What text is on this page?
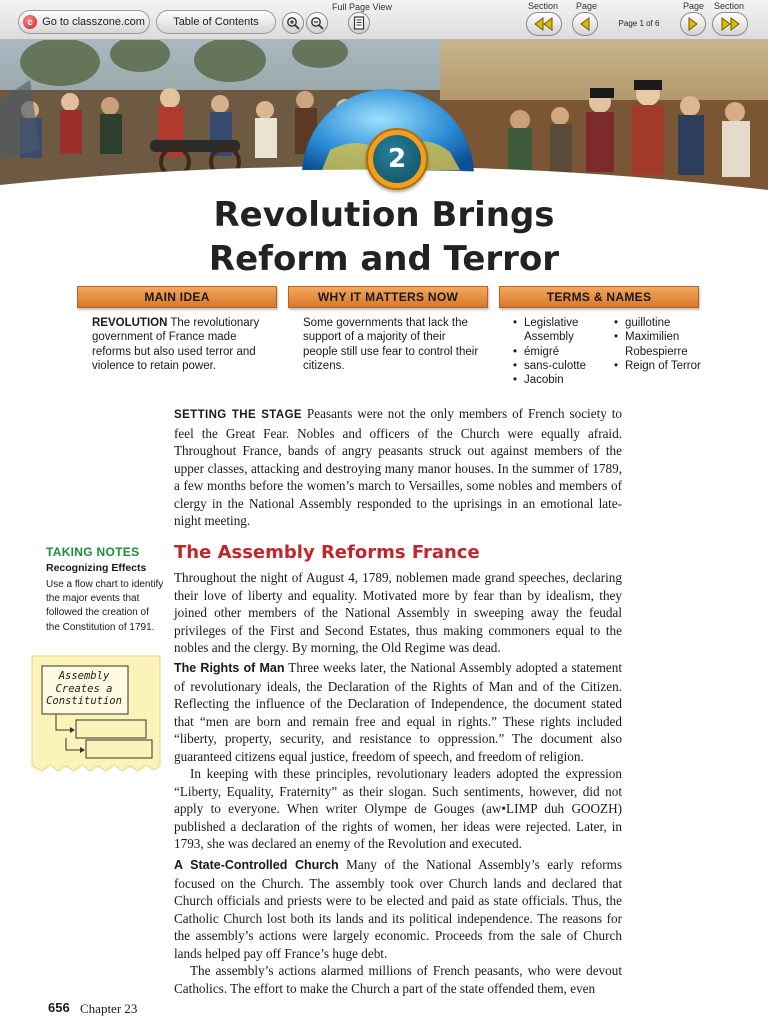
c Go to classzone.com	Table of Contents
Full Page View	Section Page
Page 1 of 6
Page Section
2
Revolution Brings
Reform and Terror
MAIN IDEA	WHY IT MATTERS NOW	TERMS & NAMES
REVOLUTION The revolutionary government of France made reforms but also used terror and violence to retain power.
Some governments that lack the support of a majority of their people still use fear to control their citizens.
• Legislative Assembly
• émigré
• sans-culotte
• Jacobin
• guillotine
• Maximilien Robespierre
• Reign of Terror
SETTING THE STAGE Peasants were not the only members of French society to feel the Great Fear. Nobles and officers of the Church were equally afraid. Throughout France, bands of angry peasants struck out against members of the upper classes, attacking and destroying many manor houses. In the summer of 1789, a few months before the women’s march to Versailles, some nobles and members of clergy in the National Assembly responded to the uprisings in an emotional late-night meeting.
TAKING NOTES
Recognizing Effects
Use a flow chart to identify the major events that followed the creation of the Constitution of 1791.
Assembly Creates a Constitution
The Assembly Reforms France
Throughout the night of August 4, 1789, noblemen made grand speeches, declaring their love of liberty and equality. Motivated more by fear than by idealism, they joined other members of the National Assembly in sweeping away the feudal privileges of the First and Second Estates, thus making commoners equal to the nobles and the clergy. By morning, the Old Regime was dead.
The Rights of Man Three weeks later, the National Assembly adopted a statement of revolutionary ideals, the Declaration of the Rights of Man and of the Citizen. Reflecting the influence of the Declaration of Independence, the document stated that “men are born and remain free and equal in rights.” These rights included “liberty, property, security, and resistance to oppression.” The document also guaranteed citizens equal justice, freedom of speech, and freedom of religion.
In keeping with these principles, revolutionary leaders adopted the expression “Liberty, Equality, Fraternity” as their slogan. Such sentiments, however, did not apply to everyone. When writer Olympe de Gouges (aw•LIMP duh GOOZH) published a declaration of the rights of women, her ideas were rejected. Later, in 1793, she was declared an enemy of the Revolution and executed.
A State-Controlled Church Many of the National Assembly’s early reforms focused on the Church. The assembly took over Church lands and declared that Church officials and priests were to be elected and paid as state officials. Thus, the Catholic Church lost both its lands and its political independence. The reasons for the assembly’s actions were largely economic. Proceeds from the sale of Church lands helped pay off France’s huge debt.
The assembly’s actions alarmed millions of French peasants, who were devout Catholics. The effort to make the Church a part of the state offended them, even
656 Chapter 23
